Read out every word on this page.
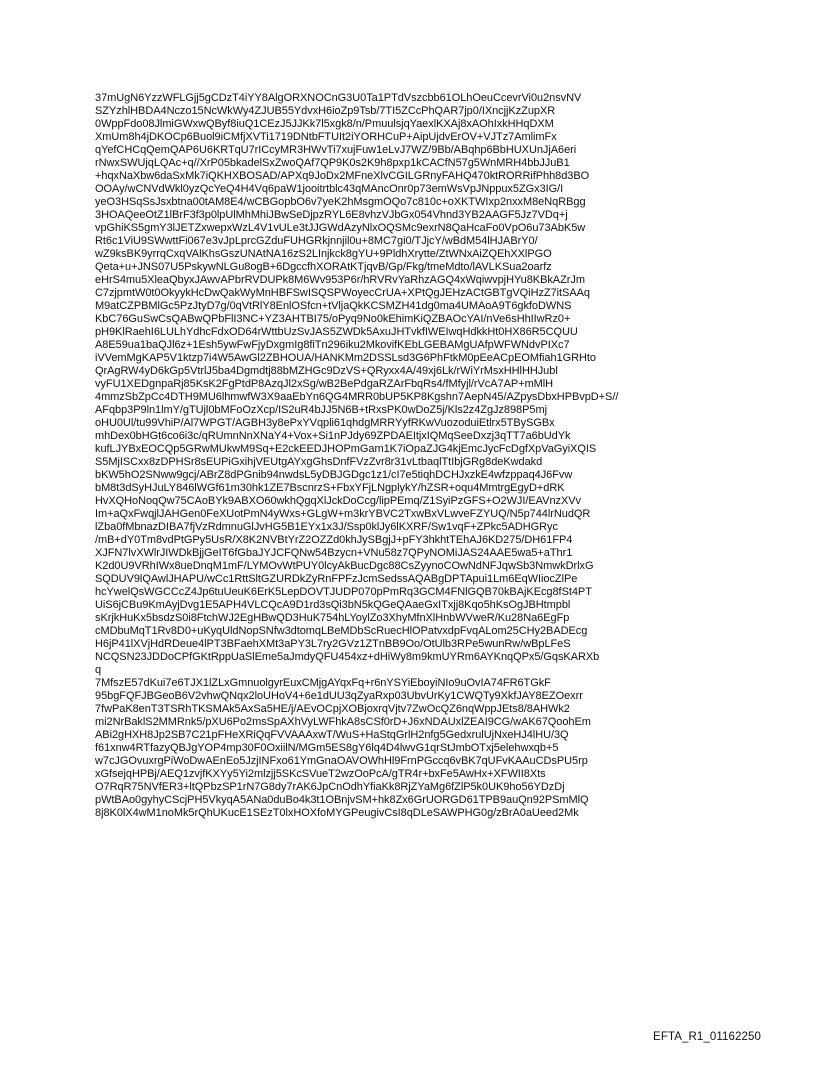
37mUgN6YzzWFLGjj5gCDzT4iYY8AlgORXNOCnG3U0Ta1PTdVszcbb61OLhOeuCcevrVi0u2nsvNV
SZYzhlHBDA4Nczo15NcWkWy4ZJUB55YdvxH6ioZp9Tsb/7TI5ZCcPhQAR7jp0/IXncjjKzZupXR
0WppFdo08JlmiGWxwQByf8iuQ1CEzJ5JJKk7l5xgk8/n/PmuulsjqYaexlKXAj8xAOhIxkHHqDXM
XmUm8h4jDKOCp6Buol9iCMfjXVTi1719DNtbFTUIt2iYORHCuP+AipUjdvErOV+VJTz7AmlimFx
qYefCHCqQemQAP6U6KRTqU7rICcyMR3HWvTi7xujFuw1eLvJ7WZ/9Bb/ABqhp6BbHUXUnJjA6eri
rNwxSWUjqLQAc+q//XrP05bkadelSxZwoQAf7QP9K0s2K9h8pxp1kCACfN57g5WnMRH4bbJJuB1
+hqxNaXbw6daSxMk7iQKHXBOSAD/APXq9JoDx2MFneXlvCGILGRnyFAHQ470ktRORRifPhh8d3BO
OOAy/wCNVdWkl0yzQcYeQ4H4Vq6paW1jooitrtblc43qMAncOnr0p73emWsVpJNppux5ZGx3IG/I
yeO3HSqSsJsxbtna00tAM8E4/wCBGopbO6v7yeK2hMsgmOQo7c810c+oXKTWIxp2nxxM8eNqRBgg
3HOAQeeOtZ1lBrF3f3p0lpUlMhMhiJBwSeDjpzRYL6E8vhzVJbGx054Vhnd3YB2AAGF5Jz7VDq+j
vpGhiKS5gmY3lJETZxwepxWzL4V1vULe3tJJGWdAzyNlxOQSMc9exrN8QaHcaFo0VpO6u73AbK5w
Rt6c1ViU9SWwttFi067e3vJpLprcGZduFUHGRkjnnjil0u+8MC7gi0/TJjcY/wBdM54lHJABrY0/
wZ9ksBK9yrrqCxqVAlKhsGszUNAtNA16zS2LInjkck8gYU+9PldhXrytte/ZtWNxAiZQEhXXlPGO
Qeta+u+JNS07U5PskywNLGu8ogB+6DgccfhXORAtKTjqvB/Gp/Fkg/tmeMdto/lAVLKSua2oarfz
eHrS4mu5XleaQbyxJAwvAPbrRVDUPk8M6Wv953P6r/hRVRvYaRhzAGQ4xWqiwvpjHYu8KBkAZrJm
C7zjpmtW0t0OkyykHcDwQakWyMnHBFSwISQSPWoyecCrUA+XPtQgJEHzACtGBTgVQiHzZ7itSAAq
M9atCZPBMlGc5PzJtyD7g/0qVtRlY8EnlOSfcn+tVljaQkKCSMZH41dg0ma4UMAoA9T6gkfoDWNS
KbC76GuSwCsQABwQPbFlI3NC+YZ3AHTBI75/oPyq9No0kEhimKiQZBAOcYAI/nVe6sHhIIwRz0+
pH9KlRaehI6LULhYdhcFdxOD64rWttbUzSvJAS5ZWDk5AxuJHTvkfIWEIwqHdkkHt0HX86R5CQUU
A8E59ua1baQJl6z+1Esh5ywFwFjyDxgmIg8fiTn296iku2MkovifKEbLGEBAMgUAfpWFWNdvPIXc7
iVVemMgKAP5V1ktzp7i4W5AwGl2ZBHOUA/HANKMm2DSSLsd3G6PhFtkM0pEeACpEOMfiah1GRHto
QrAgRW4yD6kGp5VtrlJ5ba4Dgmdtj88bMZHGc9DzVS+QRyxx4A/49xj6Lk/rWiYrMsxHHlHHJubl
vyFU1XEDgnpaRj85KsK2FgPtdP8AzqJl2xSg/wB2BePdgaRZArFbqRs4/fMfyjl/rVcA7AP+mMlH
4mmzSbZpCc4DTH9MU6lhmwfW3X9aaEbYn6QG4MRR0bUP5KP8Kgshn7AepN45/AZpysDbxHPBvpD+S//
AFqbp3P9ln1lmY/gTUjl0bMFoOzXcp/IS2uR4bJJ5N6B+tRxsPK0wDoZ5j/Kls2z4ZgJz898P5mj
oHU0Ul/tu99VhiP/Al7WPGT/AGBH3y8ePxYVqpli61qhdgMRRYyfRKwVuozoduiEtlrx5TBySGBx
mhDex0bHGt6co6i3c/qRUmnNnXNaY4+Vox+Si1nPJdy69ZPDAEItjxIQMqSeeDxzj3qTT7a6bUdYk
kufLJYBxEOCQp5GRwMUkwM9Sq+E2ckEEDJHOPmGam1K7iOpaZJG4kjEmcJycFcDgfXpVaGyiXQIS
S5MjISCxx8zDPHSr8sEUPiGxihjVEUtgAYxgGhsDnfFVzZvr8r31vLtbaqlTtIbjGRg8deKwdakd
bKW5hO2SNww9gcj/ABrZ8dPGnib94nwdsL5yDBJGDgc1z1/cI7e5tiqhDCHJxzkE4wfzppaq4J6Fvw
bM8t3dSyHJuLY846lWGf61m30hk1ZE7BscnrzS+FbxYFjLNgplykY/hZSR+oqu4MmtrgEgyD+dRK
HvXQHoNoqQw75CAoBYk9ABXO60wkhQgqXlJckDoCcg/lipPEmq/Z1SyiPzGFS+O2WJI/EAVnzXVv
Im+aQxFwqjlJAHGen0FeXUotPmN4yWxs+GLgW+m3krYBVC2TxwBxVLwveFZYUQ/N5p744lrNudQR
lZba0fMbnazDIBA7fjVzRdmnuGlJvHG5B1EYx1x3J/Ssp0klJy6lKXRF/Sw1vqF+ZPkc5ADHGRyc
/mB+dY0Tm8vdPtGPy5UsR/X8K2NVBtYrZ2OZZd0khJySBgjJ+pFY3hkhtTEhAJ6KD275/DH61FP4
XJFN7lvXWlrJIWDkBjjGeIT6fGbaJYJCFQNw54Bzycn+VNu58z7QPyNOMiJAS24AAE5wa5+aThr1
K2d0U9VRhIWx8ueDnqM1mF/LYMOvWtPUY0lcyAkBucDgc88CsZyynoCOwNdNFJqwSb3NmwkDrlxG
SQDUV9lQAwlJHAPU/wCc1RttSltGZURDkZyRnFPFzJcmSedssAQABgDPTApui1Lm6EqWIiocZlPe
hcYwelQsWGCCcZ4Jp6tuUeuK6ErK5LepDOVTJUDP070pPmRq3GCM4FNlGQB70kBAjKEcg8fSt4PT
UiS6jCBu9KmAyjDvg1E5APH4VLCQcA9D1rd3sQi3bN5kQGeQAaeGxITxjj8Kqo5hKsOgJBHtmpbl
sKrjkHuKx5bsdzS0i8FtchWJ2EgHBwQD3HuK754hLYoylZo3XhyMfnXlHnbWVweR/Ku28Na6EgFp
cMDbuMqT1Rv8D0+uKyqUldNopSNfw3dtomqLBeMDbScRuecHlOPatvxdpFvqALom25CHy2BADEcg
H6jP41lXVjHdRDeue4lPT3BFaehXMt3aPY3L7ry2GVz1ZTnBB9Oo/OtUlb3RPe5wunRw/wBpLFeS
NCQSN23JDDoCPfGKtRppUaSlEme5aJmdyQFU454xz+dHiWy8m9kmUYRm6AYKnqQPx5/GqsKARXb
q
7MfszE57dKui7e6TJX1lZLxGmnuolgyrEuxCMjgAYqxFq+r6nYSYiEboyiNIo9uOvIA74FR6TGkF
95bgFQFJBGeoB6V2vhwQNqx2loUHoV4+6e1dUU3qZyaRxp03UbvUrKy1CWQTy9XkfJAY8EZOexrr
7fwPaK8enT3TSRhTKSMAk5AxSa5HE/j/AEvOCpjXOBjoxrqVjtv7ZwOcQZ6nqWppJEts8/8AHWk2
mi2NrBaklS2MMRnk5/pXU6Po2msSpAXhVyLWFhkA8sCSf0rD+J6xNDAUxlZEAI9CG/wAK67QoohEm
ABi2gHXH8Jp2SB7C21pFHeXRiQqFVVAAAxwT/WuS+HaStqGrlH2nfg5GedxrulUjNxeHJ4lHU/3Q
f61xnw4RTfazyQBJgYOP4mp30F0OxiilN/MGm5ES8gY6lq4D4lwvG1qrStJmbOTxj5elehwxqb+5
w7cJGOvuxrgPiWoDwAEnEo5JzjINFxo61YmGnaOAVOWhHl9FrnPGccq6vBK7qUFvKAAuCDsPU5rp
xGfsejqHPBj/AEQ1zvjfKXYy5Yi2mlzjj5SKcSVueT2wzOoPcA/gTR4r+bxFe5AwHx+XFWII8Xts
O7RqR75NVfER3+ltQPbzSP1rN7G8dy7rAK6JpCnOdhYfiaKk8RjZYaMg6fZlP5k0UK9ho56YDzDj
pWtBAo0gyhyCScjPH5VkyqA5ANa0duBo4k3t1OBnjvSM+hk8Zx6GrUORGD61TPB9auQn92PSmMlQ
8j8K0lX4wM1noMk5rQhUKucE1SEzT0lxHOXfoMYGPeugivCsI8qDLeSAWPHG0g/zBrA0aUeed2Mk
EFTA_R1_01162250
